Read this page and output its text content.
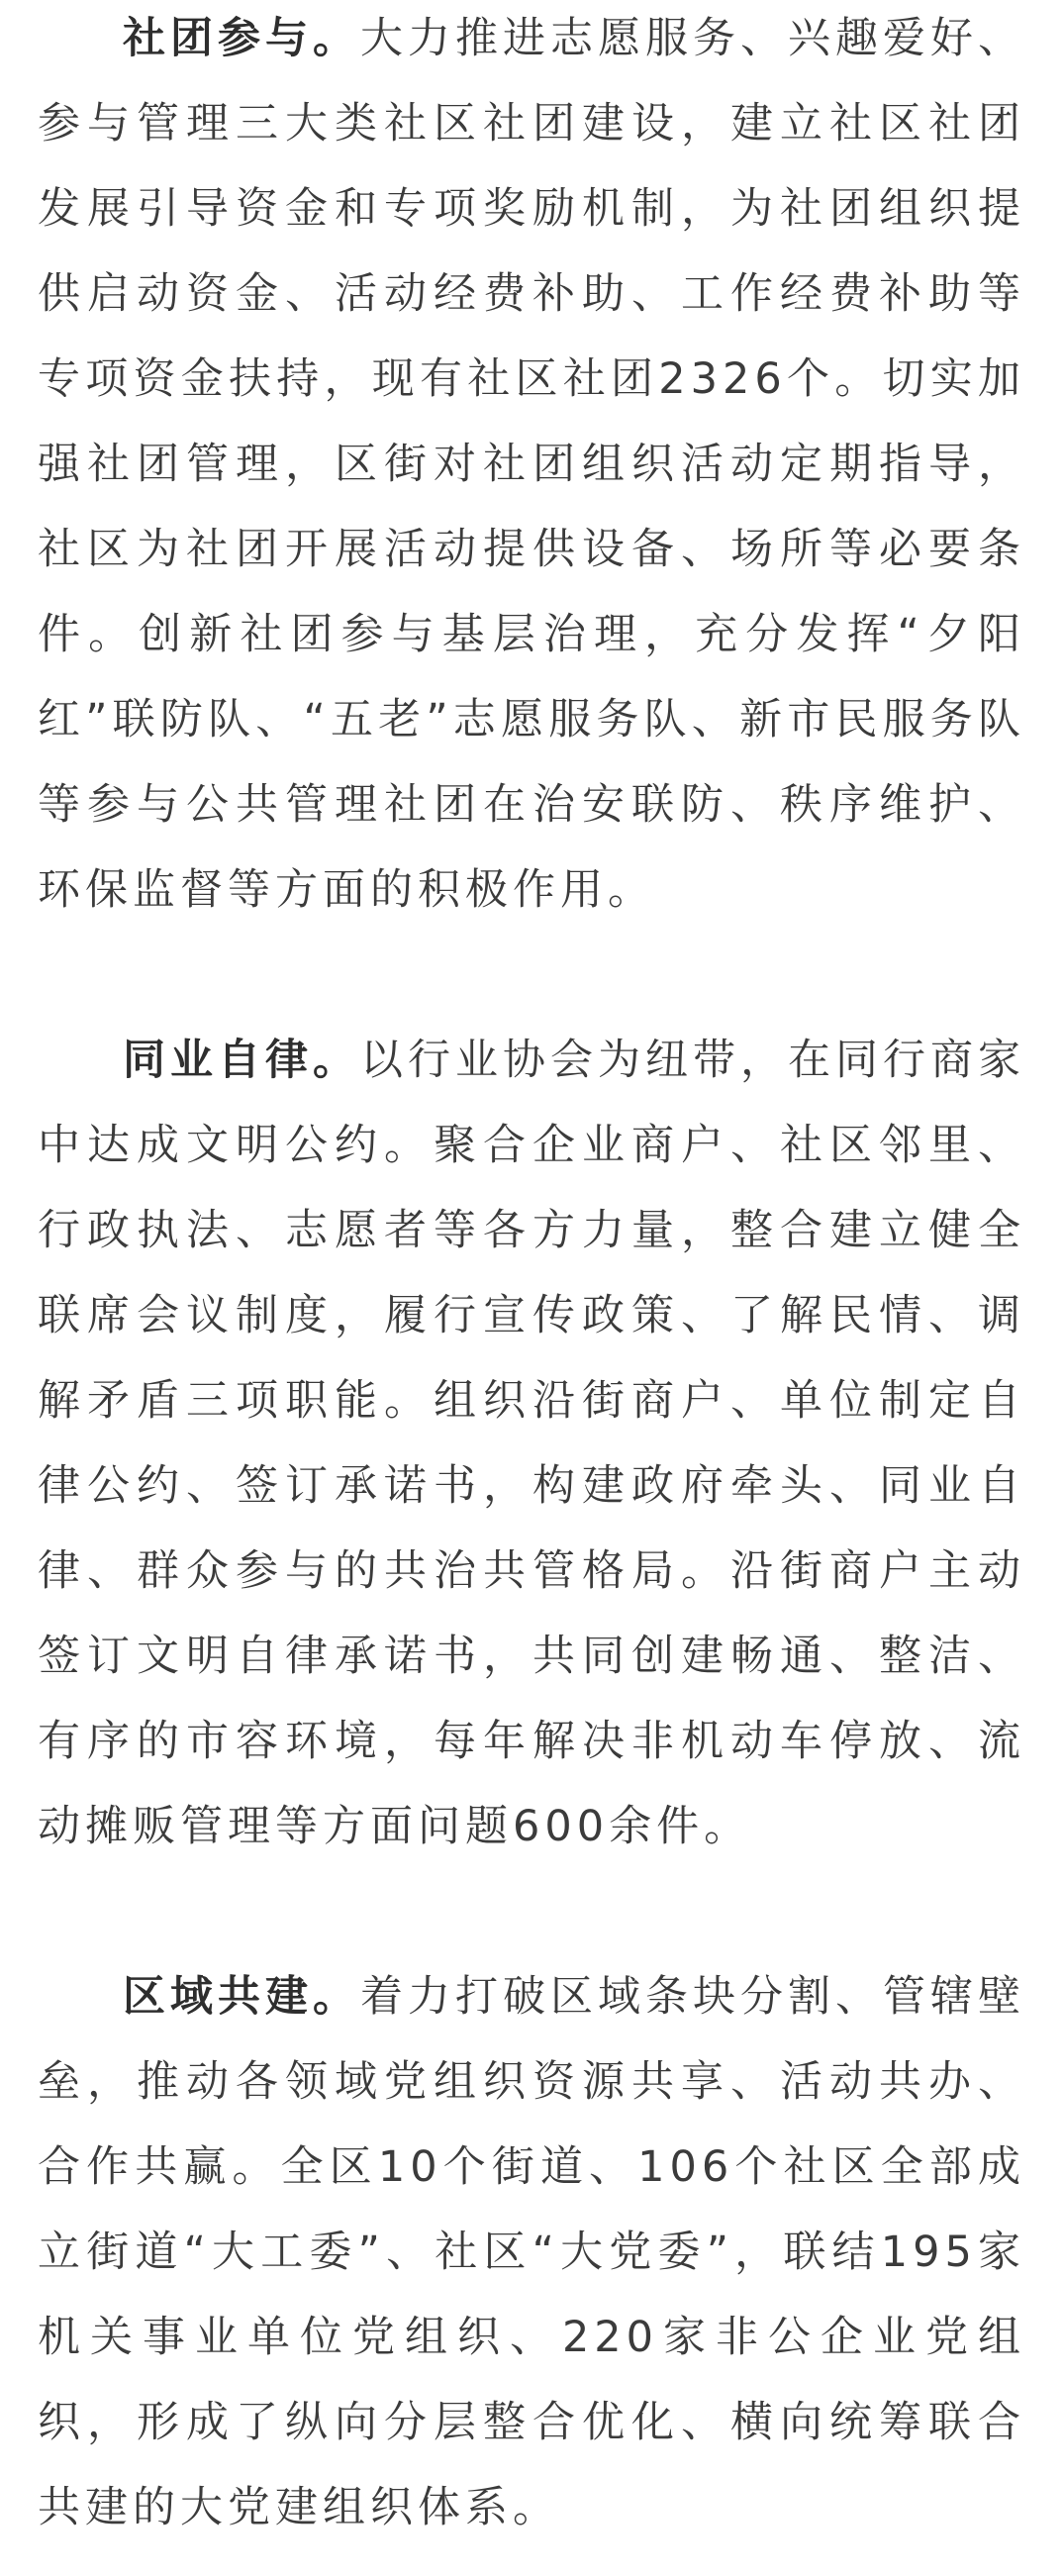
社团参与。大力推进志愿服务、兴趣爱好、参与管理三大类社区社团建设，建立社区社团发展引导资金和专项奖励机制，为社团组织提供启动资金、活动经费补助、工作经费补助等专项资金扶持，现有社区社团2326个。切实加强社团管理，区街对社团组织活动定期指导，社区为社团开展活动提供设备、场所等必要条件。创新社团参与基层治理，充分发挥“夕阳红”联防队、“五老”志愿服务队、新市民服务队等参与公共管理社团在治安联防、秩序维护、环保监督等方面的积极作用。

同业自律。以行业协会为纽带，在同行商家中达成文明公约。聚合企业商户、社区邻里、行政执法、志愿者等各方力量，整合建立健全联席会议制度，履行宣传政策、了解民情、调解矛盾三项职能。组织沿街商户、单位制定自律公约、签订承诺书，构建政府牵头、同业自律、群众参与的共治共管格局。沿街商户主动签订文明自律承诺书，共同创建畅通、整洁、有序的市容环境，每年解决非机动车停放、流动摊贩管理等方面问题600余件。

区域共建。着力打破区域条块分割、管辖壁垒，推动各领域党组织资源共享、活动共办、合作共赢。全区10个街道、106个社区全部成立街道“大工委”、社区“大党委”，联结195家机关事业单位党组织、220家非公企业党组织，形成了纵向分层整合优化、横向统筹联合共建的大党建组织体系。
